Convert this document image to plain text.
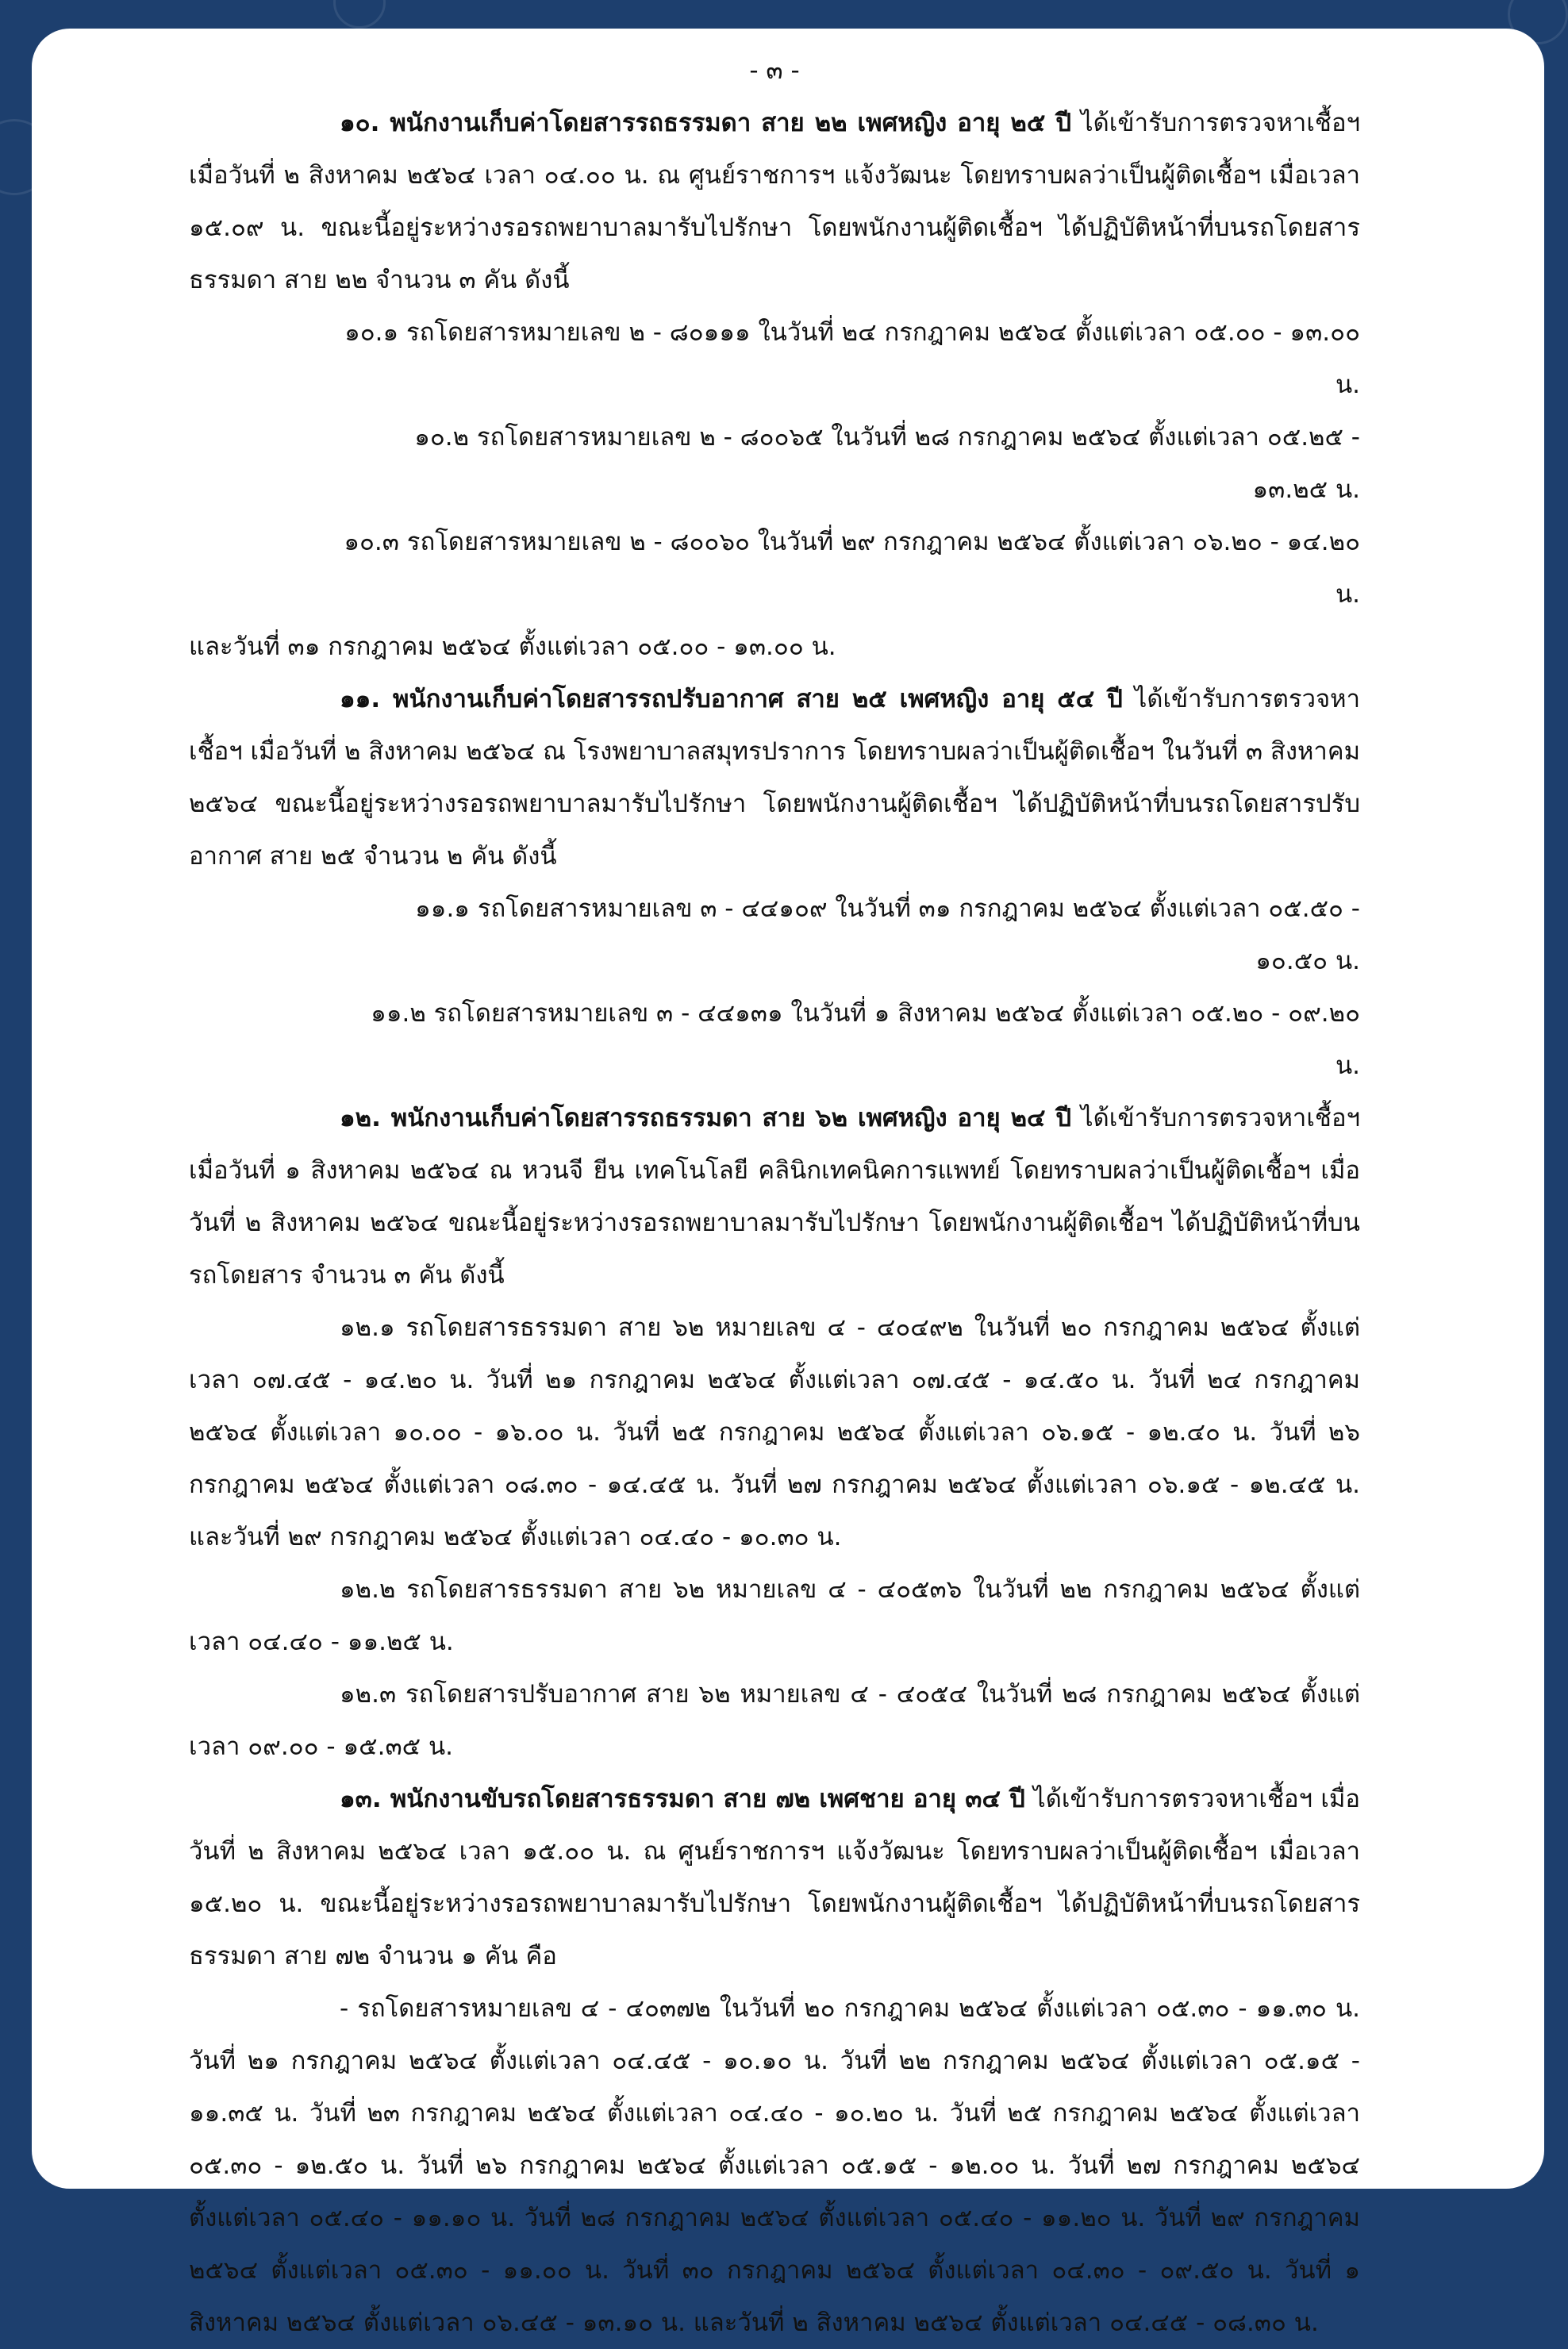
- ๓ -

๑๐. พนักงานเก็บค่าโดยสารรถธรรมดา สาย ๒๒ เพศหญิง อายุ ๒๕ ปี ได้เข้ารับการตรวจหาเชื้อฯ เมื่อวันที่ ๒ สิงหาคม ๒๕๖๔ เวลา ๐๔.๐๐ น. ณ ศูนย์ราชการฯ แจ้งวัฒนะ โดยทราบผลว่าเป็นผู้ติดเชื้อฯ เมื่อเวลา ๑๕.๐๙ น. ขณะนี้อยู่ระหว่างรอรถพยาบาลมารับไปรักษา โดยพนักงานผู้ติดเชื้อฯ ได้ปฏิบัติหน้าที่บนรถโดยสารธรรมดา สาย ๒๒ จำนวน ๓ คัน ดังนี้

๑๐.๑ รถโดยสารหมายเลข ๒ - ๘๐๑๑๑ ในวันที่ ๒๔ กรกฎาคม ๒๕๖๔ ตั้งแต่เวลา ๐๕.๐๐ - ๑๓.๐๐ น.

๑๐.๒ รถโดยสารหมายเลข ๒ - ๘๐๐๖๕ ในวันที่ ๒๘ กรกฎาคม ๒๕๖๔ ตั้งแต่เวลา ๐๕.๒๕ - ๑๓.๒๕ น.

๑๐.๓ รถโดยสารหมายเลข ๒ - ๘๐๐๖๐ ในวันที่ ๒๙ กรกฎาคม ๒๕๖๔ ตั้งแต่เวลา ๐๖.๒๐ - ๑๔.๒๐ น.

และวันที่ ๓๑ กรกฎาคม ๒๕๖๔ ตั้งแต่เวลา ๐๕.๐๐ - ๑๓.๐๐ น.

๑๑. พนักงานเก็บค่าโดยสารรถปรับอากาศ สาย ๒๕ เพศหญิง อายุ ๕๔ ปี ได้เข้ารับการตรวจหาเชื้อฯ เมื่อวันที่ ๒ สิงหาคม ๒๕๖๔ ณ โรงพยาบาลสมุทรปราการ โดยทราบผลว่าเป็นผู้ติดเชื้อฯ ในวันที่ ๓ สิงหาคม ๒๕๖๔ ขณะนี้อยู่ระหว่างรอรถพยาบาลมารับไปรักษา โดยพนักงานผู้ติดเชื้อฯ ได้ปฏิบัติหน้าที่บนรถโดยสารปรับอากาศ สาย ๒๕ จำนวน ๒ คัน ดังนี้

๑๑.๑ รถโดยสารหมายเลข ๓ - ๔๔๑๐๙ ในวันที่ ๓๑ กรกฎาคม ๒๕๖๔ ตั้งแต่เวลา ๐๕.๕๐ - ๑๐.๕๐ น.

๑๑.๒ รถโดยสารหมายเลข ๓ - ๔๔๑๓๑ ในวันที่ ๑ สิงหาคม ๒๕๖๔ ตั้งแต่เวลา ๐๕.๒๐ - ๐๙.๒๐ น.

๑๒. พนักงานเก็บค่าโดยสารรถธรรมดา สาย ๖๒ เพศหญิง อายุ ๒๔ ปี ได้เข้ารับการตรวจหาเชื้อฯ เมื่อวันที่ ๑ สิงหาคม ๒๕๖๔ ณ หวนจี ยีน เทคโนโลยี คลินิกเทคนิคการแพทย์ โดยทราบผลว่าเป็นผู้ติดเชื้อฯ เมื่อวันที่ ๒ สิงหาคม ๒๕๖๔ ขณะนี้อยู่ระหว่างรอรถพยาบาลมารับไปรักษา โดยพนักงานผู้ติดเชื้อฯ ได้ปฏิบัติหน้าที่บนรถโดยสาร จำนวน ๓ คัน ดังนี้

๑๒.๑ รถโดยสารธรรมดา สาย ๖๒ หมายเลข ๔ - ๔๐๔๙๒ ในวันที่ ๒๐ กรกฎาคม ๒๕๖๔ ตั้งแต่เวลา ๐๗.๔๕ - ๑๔.๒๐ น. วันที่ ๒๑ กรกฎาคม ๒๕๖๔ ตั้งแต่เวลา ๐๗.๔๕ - ๑๔.๕๐ น. วันที่ ๒๔ กรกฎาคม ๒๕๖๔ ตั้งแต่เวลา ๑๐.๐๐ - ๑๖.๐๐ น. วันที่ ๒๕ กรกฎาคม ๒๕๖๔ ตั้งแต่เวลา ๐๖.๑๕ - ๑๒.๔๐ น. วันที่ ๒๖ กรกฎาคม ๒๕๖๔ ตั้งแต่เวลา ๐๘.๓๐ - ๑๔.๔๕ น. วันที่ ๒๗ กรกฎาคม ๒๕๖๔ ตั้งแต่เวลา ๐๖.๑๕ - ๑๒.๔๕ น. และวันที่ ๒๙ กรกฎาคม ๒๕๖๔ ตั้งแต่เวลา ๐๔.๔๐ - ๑๐.๓๐ น.

๑๒.๒ รถโดยสารธรรมดา สาย ๖๒ หมายเลข ๔ - ๔๐๕๓๖ ในวันที่ ๒๒ กรกฎาคม ๒๕๖๔ ตั้งแต่เวลา ๐๔.๔๐ - ๑๑.๒๕ น.

๑๒.๓ รถโดยสารปรับอากาศ สาย ๖๒ หมายเลข ๔ - ๔๐๕๔ ในวันที่ ๒๘ กรกฎาคม ๒๕๖๔ ตั้งแต่เวลา ๐๙.๐๐ - ๑๕.๓๕ น.

๑๓. พนักงานขับรถโดยสารธรรมดา สาย ๗๒ เพศชาย อายุ ๓๔ ปี ได้เข้ารับการตรวจหาเชื้อฯ เมื่อวันที่ ๒ สิงหาคม ๒๕๖๔ เวลา ๑๕.๐๐ น. ณ ศูนย์ราชการฯ แจ้งวัฒนะ โดยทราบผลว่าเป็นผู้ติดเชื้อฯ เมื่อเวลา ๑๕.๒๐ น. ขณะนี้อยู่ระหว่างรอรถพยาบาลมารับไปรักษา โดยพนักงานผู้ติดเชื้อฯ ได้ปฏิบัติหน้าที่บนรถโดยสารธรรมดา สาย ๗๒ จำนวน ๑ คัน คือ

- รถโดยสารหมายเลข ๔ - ๔๐๓๗๒ ในวันที่ ๒๐ กรกฎาคม ๒๕๖๔ ตั้งแต่เวลา ๐๕.๓๐ - ๑๑.๓๐ น. วันที่ ๒๑ กรกฎาคม ๒๕๖๔ ตั้งแต่เวลา ๐๔.๔๕ - ๑๐.๑๐ น. วันที่ ๒๒ กรกฎาคม ๒๕๖๔ ตั้งแต่เวลา ๐๕.๑๕ - ๑๑.๓๕ น. วันที่ ๒๓ กรกฎาคม ๒๕๖๔ ตั้งแต่เวลา ๐๔.๔๐ - ๑๐.๒๐ น. วันที่ ๒๕ กรกฎาคม ๒๕๖๔ ตั้งแต่เวลา ๐๕.๓๐ - ๑๒.๕๐ น. วันที่ ๒๖ กรกฎาคม ๒๕๖๔ ตั้งแต่เวลา ๐๕.๑๕ - ๑๒.๐๐ น. วันที่ ๒๗ กรกฎาคม ๒๕๖๔ ตั้งแต่เวลา ๐๕.๔๐ - ๑๑.๑๐ น. วันที่ ๒๘ กรกฎาคม ๒๕๖๔ ตั้งแต่เวลา ๐๕.๔๐ - ๑๑.๒๐ น. วันที่ ๒๙ กรกฎาคม ๒๕๖๔ ตั้งแต่เวลา ๐๕.๓๐ - ๑๑.๐๐ น. วันที่ ๓๐ กรกฎาคม ๒๕๖๔ ตั้งแต่เวลา ๐๔.๓๐ - ๐๙.๕๐ น. วันที่ ๑ สิงหาคม ๒๕๖๔ ตั้งแต่เวลา ๐๖.๔๕ - ๑๓.๑๐ น. และวันที่ ๒ สิงหาคม ๒๕๖๔ ตั้งแต่เวลา ๐๔.๔๕ - ๐๘.๓๐ น.
